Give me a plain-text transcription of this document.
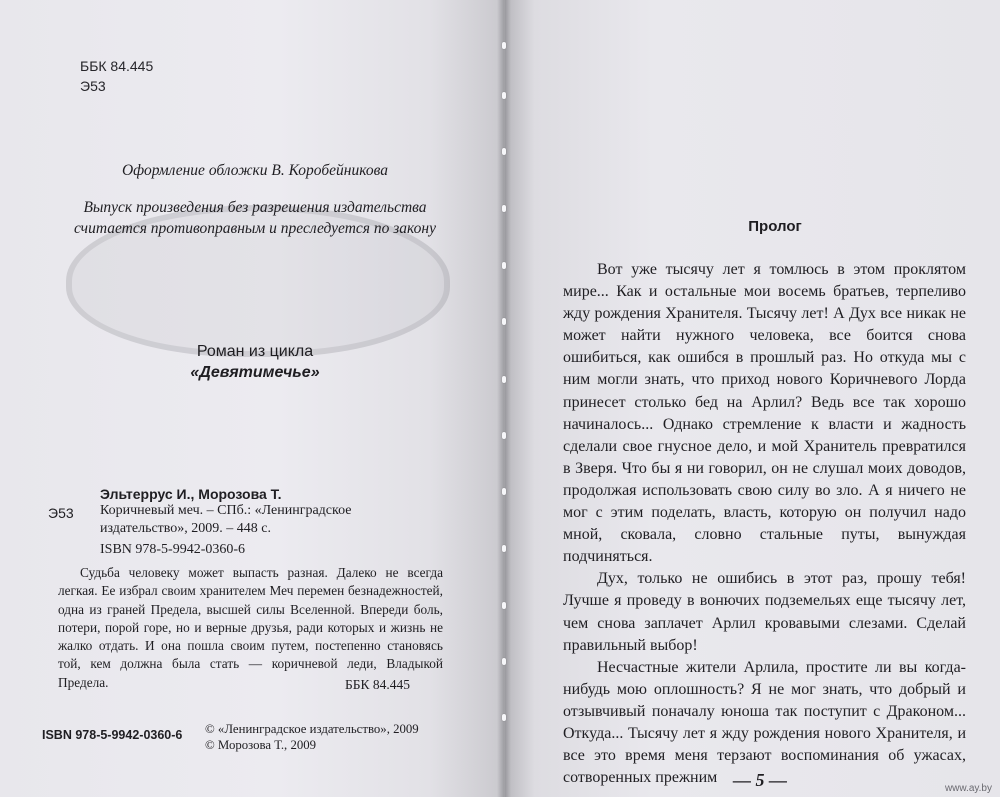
ББК 84.445
Э53
Оформление обложки В. Коробейникова
Выпуск произведения без разрешения издательства считается противоправным и преследуется по закону
Роман из цикла
«Девятимечье»
Эльтеррус И., Морозова Т.
Э53 Коричневый меч. – СПб.: «Ленинградское издательство», 2009. – 448 с.
ISBN 978-5-9942-0360-6

Судьба человеку может выпасть разная. Далеко не всегда легкая. Ее избрал своим хранителем Меч перемен безнадежностей, одна из граней Предела, высшей силы Вселенной. Впереди боль, потери, порой горе, но и верные друзья, ради которых и жизнь не жалко отдать. И она пошла своим путем, постепенно становясь той, кем должна была стать — коричневой леди, Владыкой Предела.	ББК 84.445
ISBN 978-5-9942-0360-6 © «Ленинградское издательство», 2009
© Морозова Т., 2009
Пролог

Вот уже тысячу лет я томлюсь в этом проклятом мире... Как и остальные мои восемь братьев, терпеливо жду рождения Хранителя. Тысячу лет! А Дух все никак не может найти нужного человека, все боится снова ошибиться, как ошибся в прошлый раз. Но откуда мы с ним могли знать, что приход нового Коричневого Лорда принесет столько бед на Арлил? Ведь все так хорошо начиналось... Однако стремление к власти и жадность сделали свое гнусное дело, и мой Хранитель превратился в Зверя. Что бы я ни говорил, он не слушал моих доводов, продолжая использовать свою силу во зло. А я ничего не мог с этим поделать, власть, которую он получил надо мной, сковала, словно стальные путы, вынуждая подчиняться.

Дух, только не ошибись в этот раз, прошу тебя! Лучше я проведу в вонючих подземельях еще тысячу лет, чем снова заплачет Арлил кровавыми слезами. Сделай правильный выбор!

Несчастные жители Арлила, простите ли вы когда-нибудь мою оплошность? Я не мог знать, что добрый и отзывчивый поначалу юноша так поступит с Драконом... Откуда... Тысячу лет я жду рождения нового Хранителя, и все это время меня терзают воспоминания об ужасах, сотворенных прежним — 5 —	www.ay.by
